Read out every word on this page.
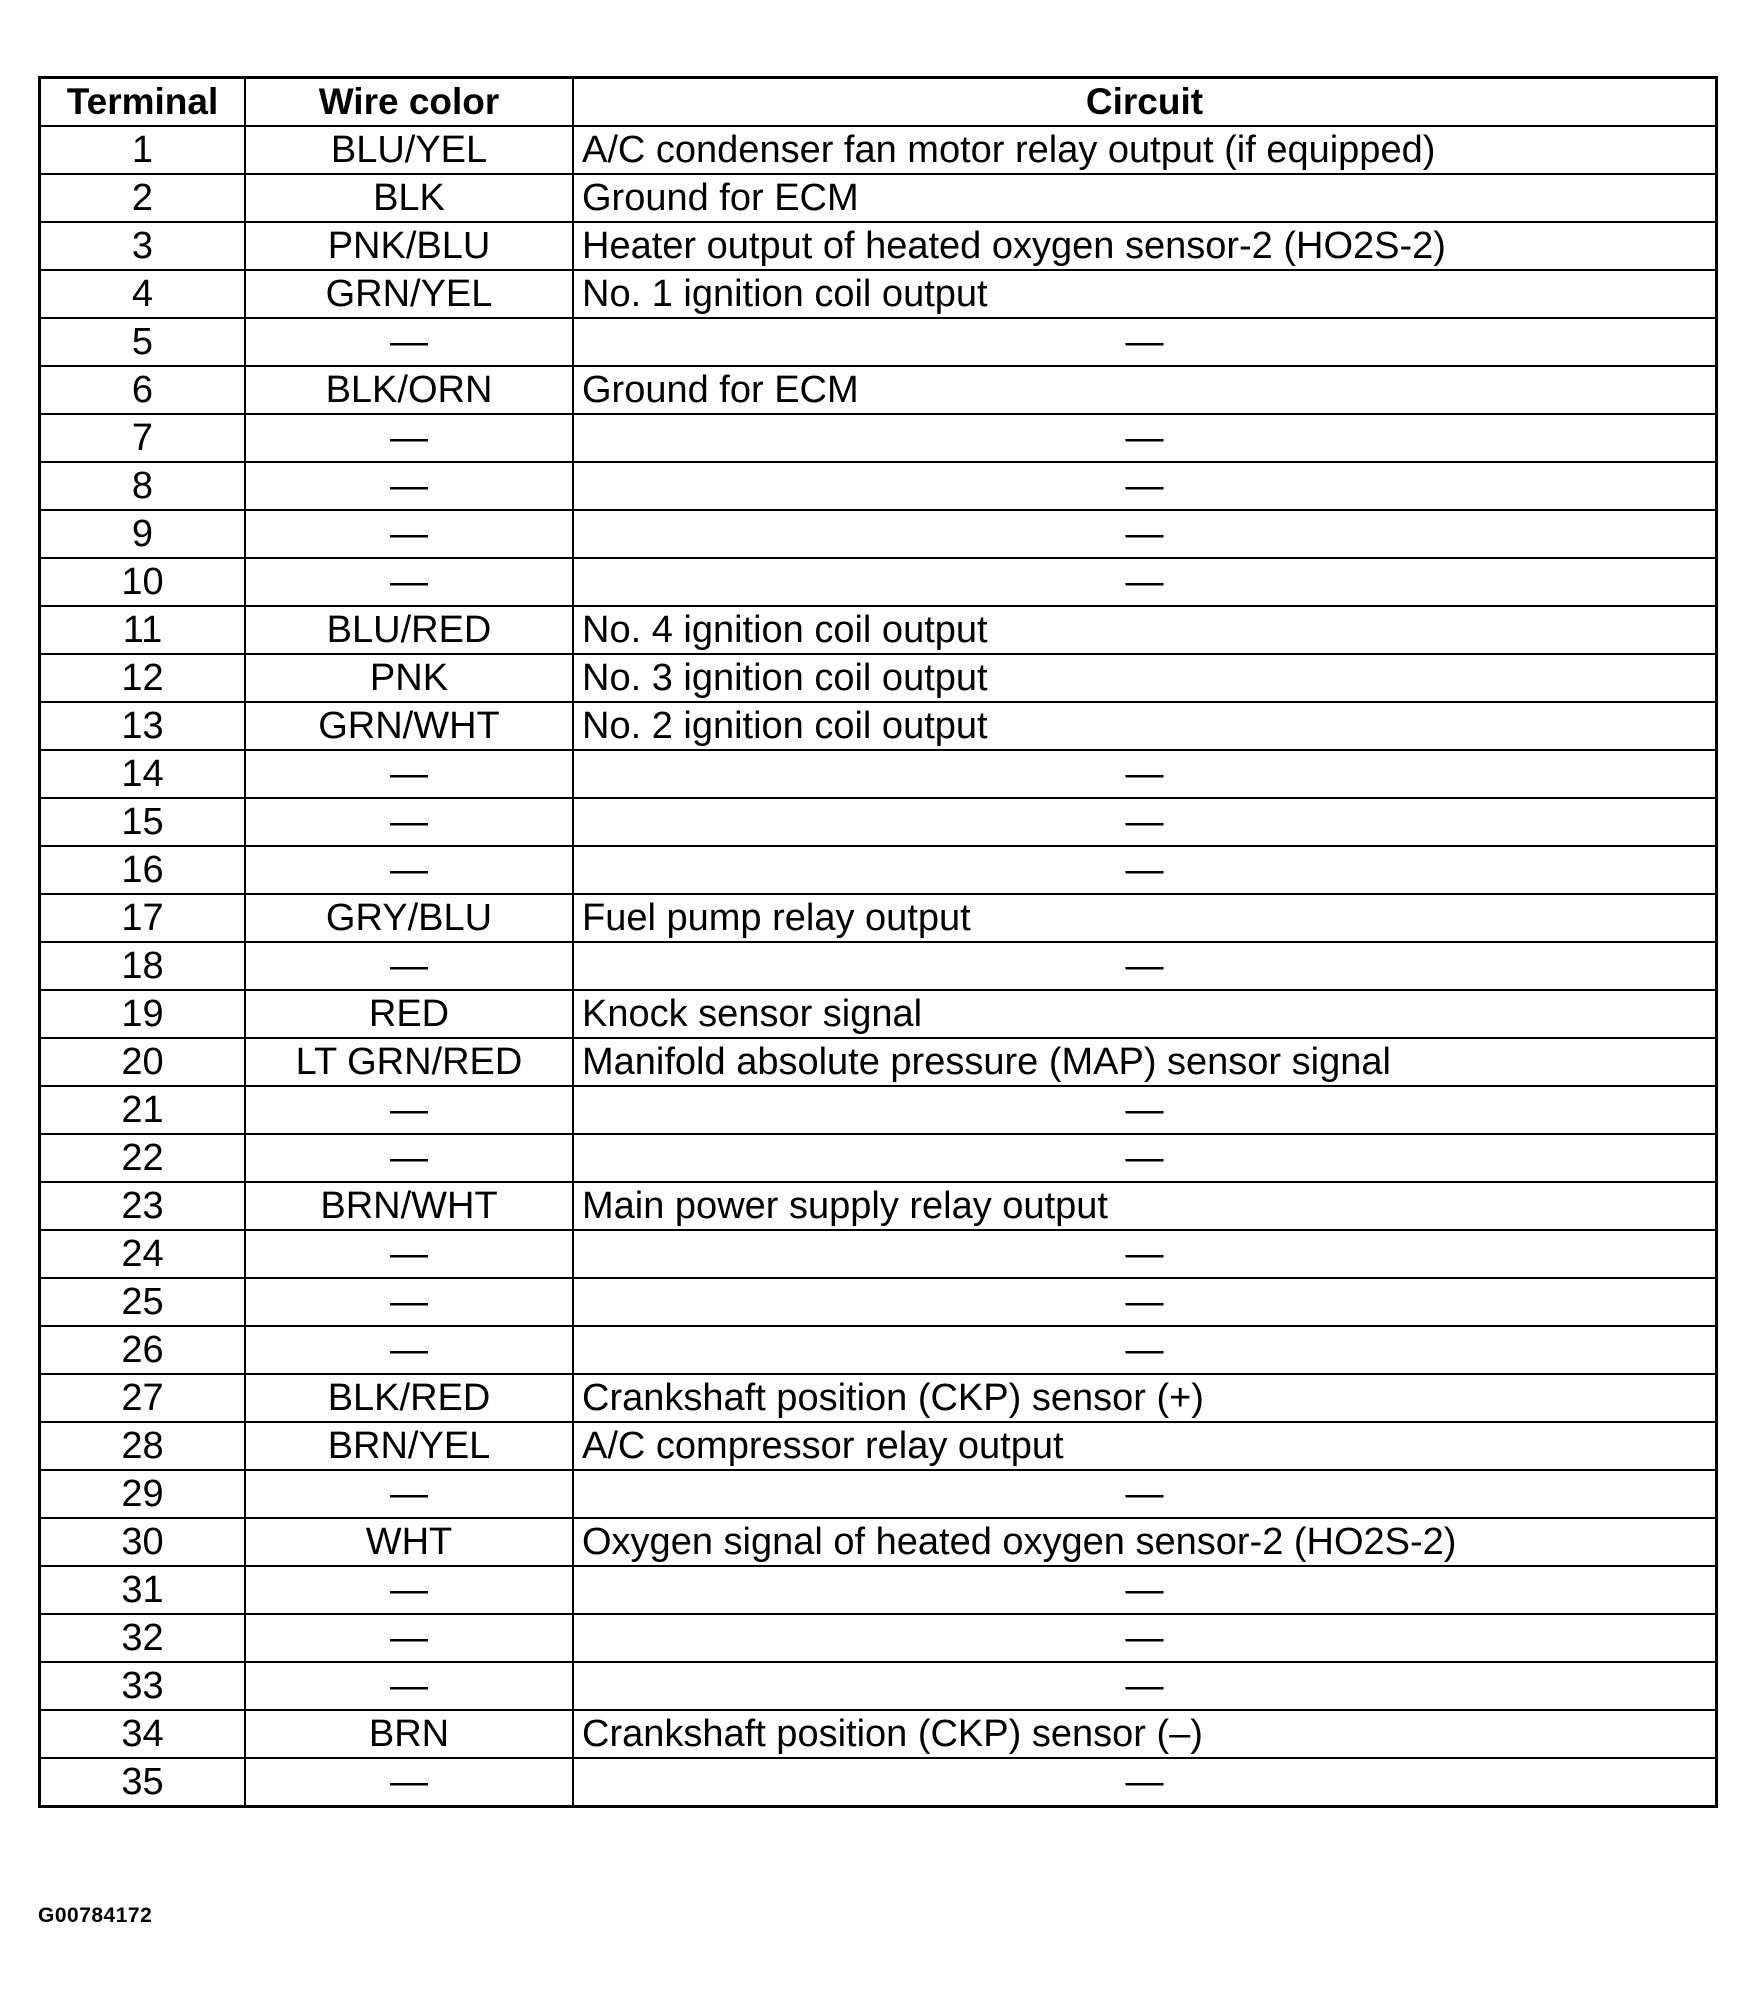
Terminal	Wire color	Circuit
1	BLU/YEL	A/C condenser fan motor relay output (if equipped)
2	BLK	Ground for ECM
3	PNK/BLU	Heater output of heated oxygen sensor-2 (HO2S-2)
4	GRN/YEL	No. 1 ignition coil output
5	—	—
6	BLK/ORN	Ground for ECM
7	—	—
8	—	—
9	—	—
10	—	—
11	BLU/RED	No. 4 ignition coil output
12	PNK	No. 3 ignition coil output
13	GRN/WHT	No. 2 ignition coil output
14	—	—
15	—	—
16	—	—
17	GRY/BLU	Fuel pump relay output
18	—	—
19	RED	Knock sensor signal
20	LT GRN/RED	Manifold absolute pressure (MAP) sensor signal
21	—	—
22	—	—
23	BRN/WHT	Main power supply relay output
24	—	—
25	—	—
26	—	—
27	BLK/RED	Crankshaft position (CKP) sensor (+)
28	BRN/YEL	A/C compressor relay output
29	—	—
30	WHT	Oxygen signal of heated oxygen sensor-2 (HO2S-2)
31	—	—
32	—	—
33	—	—
34	BRN	Crankshaft position (CKP) sensor (–)
35	—	—
G00784172
